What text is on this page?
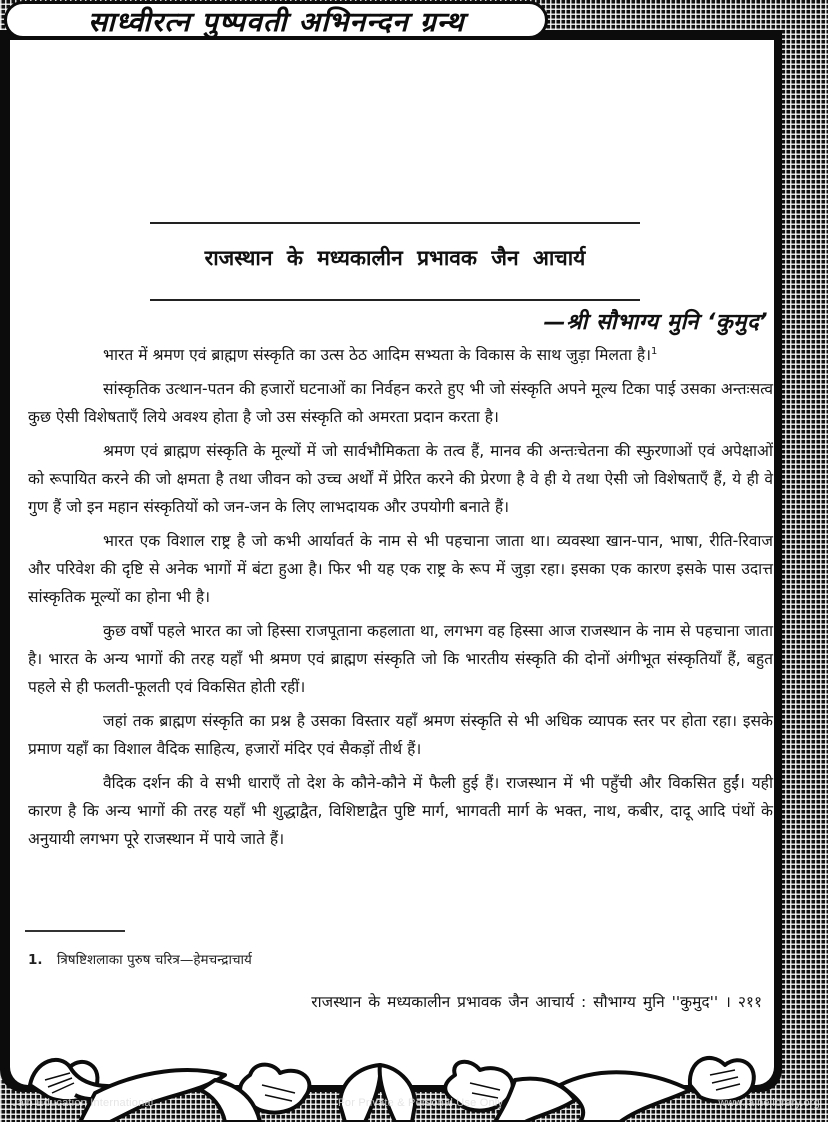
साध्वीरत्न पुष्पवती अभिनन्दन ग्रन्थ
राजस्थान के मध्यकालीन प्रभावक जैन आचार्य
—श्री सौभाग्य मुनि ‘कुमुद’

भारत में श्रमण एवं ब्राह्मण संस्कृति का उत्स ठेठ आदिम सभ्यता के विकास के साथ जुड़ा मिलता है।$^1$

सांस्कृतिक उत्थान-पतन की हजारों घटनाओं का निर्वहन करते हुए भी जो संस्कृति अपने मूल्य टिका पाई उसका अन्तःसत्व कुछ ऐसी विशेषताएँ लिये अवश्य होता है जो उस संस्कृति को अमरता प्रदान करता है।

श्रमण एवं ब्राह्मण संस्कृति के मूल्यों में जो सार्वभौमिकता के तत्व हैं, मानव की अन्तःचेतना की स्फुरणाओं एवं अपेक्षाओं को रूपायित करने की जो क्षमता है तथा जीवन को उच्च अर्थों में प्रेरित करने की प्रेरणा है वे ही ये तथा ऐसी जो विशेषताएँ हैं, ये ही वे गुण हैं जो इन महान संस्कृतियों को जन-जन के लिए लाभदायक और उपयोगी बनाते हैं।

भारत एक विशाल राष्ट्र है जो कभी आर्यावर्त के नाम से भी पहचाना जाता था। व्यवस्था खान-पान, भाषा, रीति-रिवाज और परिवेश की दृष्टि से अनेक भागों में बंटा हुआ है। फिर भी यह एक राष्ट्र के रूप में जुड़ा रहा। इसका एक कारण इसके पास उदात्त सांस्कृतिक मूल्यों का होना भी है।

कुछ वर्षों पहले भारत का जो हिस्सा राजपूताना कहलाता था, लगभग वह हिस्सा आज राजस्थान के नाम से पहचाना जाता है। भारत के अन्य भागों की तरह यहाँ भी श्रमण एवं ब्राह्मण संस्कृति जो कि भारतीय संस्कृति की दोनों अंगीभूत संस्कृतियाँ हैं, बहुत पहले से ही फलती-फूलती एवं विकसित होती रहीं।

जहां तक ब्राह्मण संस्कृति का प्रश्न है उसका विस्तार यहाँ श्रमण संस्कृति से भी अधिक व्यापक स्तर पर होता रहा। इसके प्रमाण यहाँ का विशाल वैदिक साहित्य, हजारों मंदिर एवं सैकड़ों तीर्थ हैं।

वैदिक दर्शन की वे सभी धाराएँ तो देश के कौने-कौने में फैली हुई हैं। राजस्थान में भी पहुँची और विकसित हुईं। यही कारण है कि अन्य भागों की तरह यहाँ भी शुद्धाद्वैत, विशिष्टाद्वैत पुष्टि मार्ग, भागवती मार्ग के भक्त, नाथ, कबीर, दादू आदि पंथों के अनुयायी लगभग पूरे राजस्थान में पाये जाते हैं।

1. त्रिषष्टिशलाका पुरुष चरित्र—हेमचन्द्राचार्य
राजस्थान के मध्यकालीन प्रभावक जैन आचार्य : सौभाग्य मुनि ''कुमुद'' । २११
Jain Education International	For Private & Personal Use Only	www.jainelibrary.org
